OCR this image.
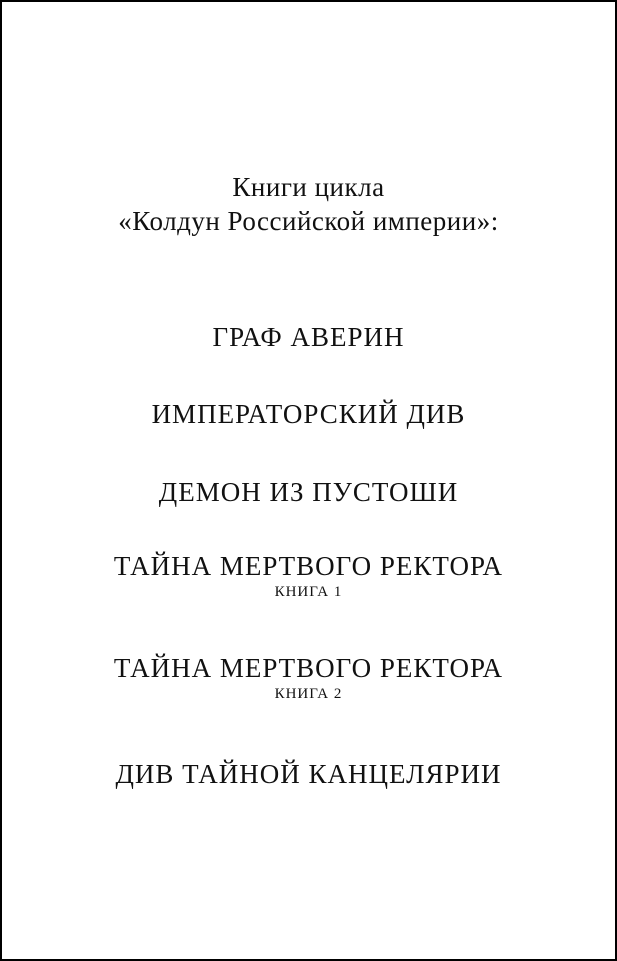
Книги цикла
«Колдун Российской империи»:
ГРАФ АВЕРИН
ИМПЕРАТОРСКИЙ ДИВ
ДЕМОН ИЗ ПУСТОШИ
ТАЙНА МЕРТВОГО РЕКТОРА
КНИГА 1
ТАЙНА МЕРТВОГО РЕКТОРА
КНИГА 2
ДИВ ТАЙНОЙ КАНЦЕЛЯРИИ
